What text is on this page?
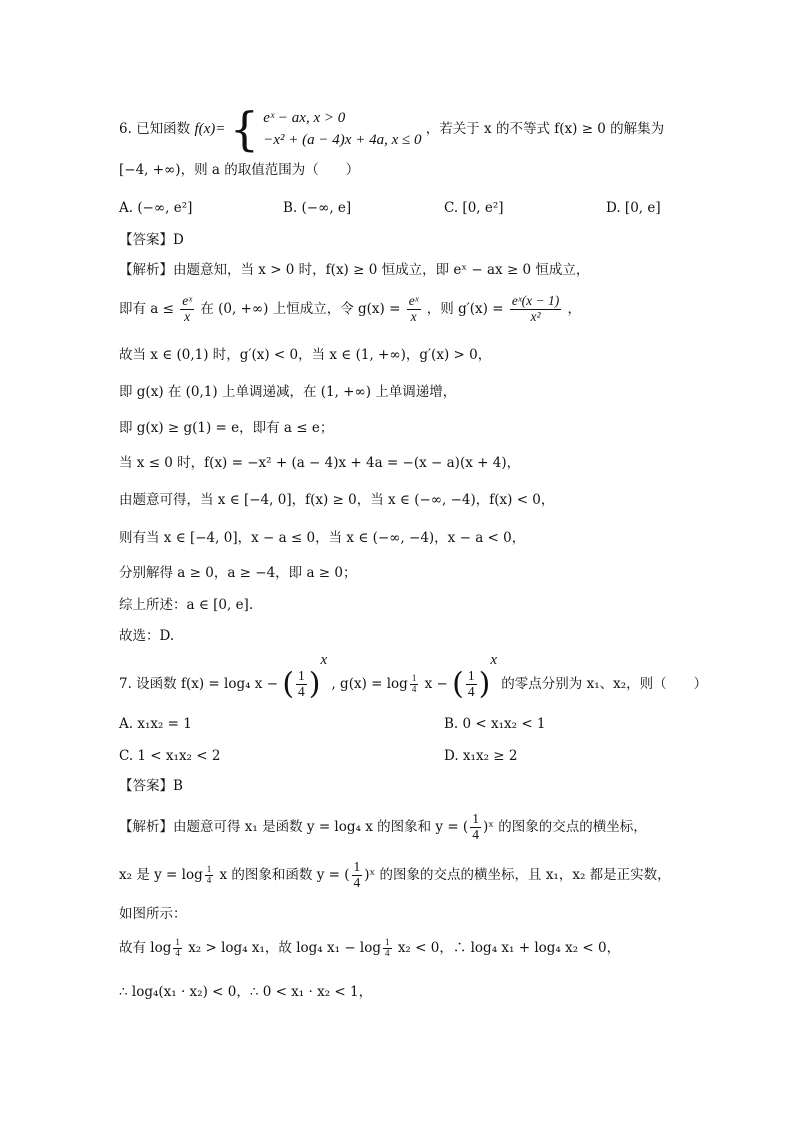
6. 已知函数 f(x)= { eˣ − ax, x > 0
−x² + (a − 4)x + 4a, x ≤ 0
，若关于 x 的不等式 f(x) ≥ 0 的解集为
[−4, +∞)，则 a 的取值范围为（　　）
A. (−∞, e²]	B. (−∞, e]	C. [0, e²]	D. [0, e]
【答案】D
【解析】由题意知，当 x > 0 时，f(x) ≥ 0 恒成立，即 eˣ − ax ≥ 0 恒成立，
即有 $a \le \frac{\text{eˣ}}{x}$ 在 (0, +∞) 上恒成立，令 $g(x) = \frac{\text{eˣ}}{x}$ ，则 $g'(x) = \frac{\text{eˣ(x − 1)}}{\text{x²}}$ ，
故当 x ∈ (0,1) 时，g′(x) < 0，当 x ∈ (1, +∞)，g′(x) > 0，
即 g(x) 在 (0,1) 上单调递减，在 (1, +∞) 上单调递增，
即 g(x) ≥ g(1) = e，即有 a ≤ e；
当 x ≤ 0 时，f(x) = −x² + (a − 4)x + 4a = −(x − a)(x + 4)，
由题意可得，当 x ∈ [−4, 0]，f(x) ≥ 0，当 x ∈ (−∞, −4)，f(x) < 0，
则有当 x ∈ [−4, 0]，x − a ≤ 0，当 x ∈ (−∞, −4)，x − a < 0，
分别解得 a ≥ 0，a ≥ −4，即 a ≥ 0；
综上所述：a ∈ [0, e].
故选：D.
7. 设函数 f(x) = log₄ x − ( $\frac{1}{4} )^x$ , $g(x) = \log \frac{1}{4}$ x − ( $\frac{1}{4} )^x$ 的零点分别为 x₁、x₂，则（　　）
A. x₁x₂ = 1	B. 0 < x₁x₂ < 1
C. 1 < x₁x₂ < 2	D. x₁x₂ ≥ 2
【答案】B
【解析】由题意可得 x₁ 是函数 y = log₄ x 的图象和 y = ( $\frac{1}{4}$ )ˣ 的图象的交点的横坐标，
x₂ 是 $y = \log \frac{1}{4}$ x 的图象和函数 y = ( $\frac{1}{4}$ )ˣ 的图象的交点的横坐标，且 x₁，x₂ 都是正实数，
如图所示：
故有 $\log \frac{1}{4} x_2 > \log_4$ x₁，故 log₄ $x_1 - \log \frac{1}{4} x_2 < 0$，∴ log₄ x₁ + log₄ x₂ < 0，
∴ log₄(x₁ · x₂) < 0，∴ 0 < x₁ · x₂ < 1，
